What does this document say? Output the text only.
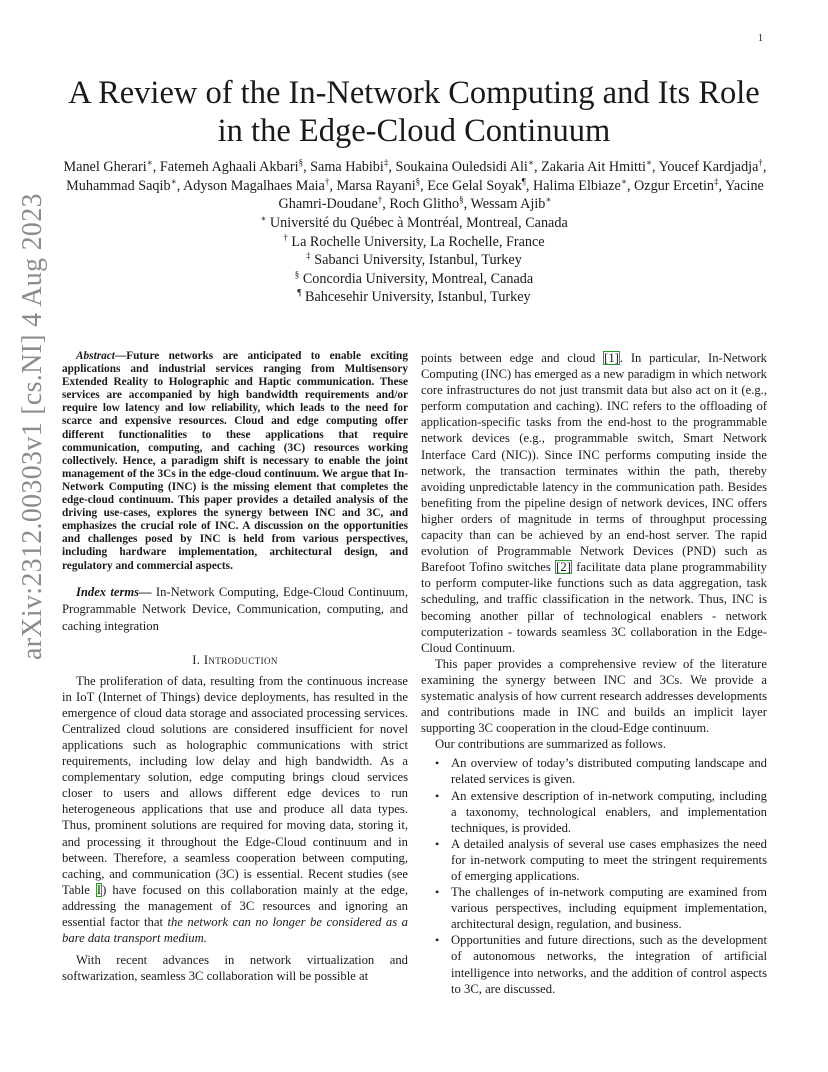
1
arXiv:2312.00303v1 [cs.NI] 4 Aug 2023
A Review of the In-Network Computing and Its Role in the Edge-Cloud Continuum
Manel Gherari∗, Fatemeh Aghaali Akbari§, Sama Habibi‡, Soukaina Ouledsidi Ali∗, Zakaria Ait Hmitti∗, Youcef Kardjadja†, Muhammad Saqib∗, Adyson Magalhaes Maia†, Marsa Rayani§, Ece Gelal Soyak¶, Halima Elbiaze∗, Ozgur Ercetin‡, Yacine Ghamri-Doudane†, Roch Glitho§, Wessam Ajib∗
∗ Université du Québec à Montréal, Montreal, Canada
† La Rochelle University, La Rochelle, France
‡ Sabanci University, Istanbul, Turkey
§ Concordia University, Montreal, Canada
¶ Bahcesehir University, Istanbul, Turkey

Abstract—Future networks are anticipated to enable exciting applications and industrial services ranging from Multisensory Extended Reality to Holographic and Haptic communication. These services are accompanied by high bandwidth requirements and/or require low latency and low reliability, which leads to the need for scarce and expensive resources. Cloud and edge computing offer different functionalities to these applications that require communication, computing, and caching (3C) resources working collectively. Hence, a paradigm shift is necessary to enable the joint management of the 3Cs in the edge-cloud continuum. We argue that In-Network Computing (INC) is the missing element that completes the edge-cloud continuum. This paper provides a detailed analysis of the driving use-cases, explores the synergy between INC and 3C, and emphasizes the crucial role of INC. A discussion on the opportunities and challenges posed by INC is held from various perspectives, including hardware implementation, architectural design, and regulatory and commercial aspects.

Index terms— In-Network Computing, Edge-Cloud Continuum, Programmable Network Device, Communication, computing, and caching integration

I. Introduction

The proliferation of data, resulting from the continuous increase in IoT (Internet of Things) device deployments, has resulted in the emergence of cloud data storage and associated processing services. Centralized cloud solutions are considered insufficient for novel applications such as holographic communications with strict requirements, including low delay and high bandwidth. As a complementary solution, edge computing brings cloud services closer to users and allows different edge devices to run heterogeneous applications that use and produce all data types. Thus, prominent solutions are required for moving data, storing it, and processing it throughout the Edge-Cloud continuum and in between. Therefore, a seamless cooperation between computing, caching, and communication (3C) is essential. Recent studies (see Table I) have focused on this collaboration mainly at the edge, addressing the management of 3C resources and ignoring an essential factor that the network can no longer be considered as a bare data transport medium.

With recent advances in network virtualization and softwarization, seamless 3C collaboration will be possible at

points between edge and cloud [1]. In particular, In-Network Computing (INC) has emerged as a new paradigm in which network core infrastructures do not just transmit data but also act on it (e.g., perform computation and caching). INC refers to the offloading of application-specific tasks from the end-host to the programmable network devices (e.g., programmable switch, Smart Network Interface Card (NIC)). Since INC performs computing inside the network, the transaction terminates within the path, thereby avoiding unpredictable latency in the communication path. Besides benefiting from the pipeline design of network devices, INC offers higher orders of magnitude in terms of throughput processing capacity than can be achieved by an end-host server. The rapid evolution of Programmable Network Devices (PND) such as Barefoot Tofino switches [2] facilitate data plane programmability to perform computer-like functions such as data aggregation, task scheduling, and traffic classification in the network. Thus, INC is becoming another pillar of technological enablers - network computerization - towards seamless 3C collaboration in the Edge-Cloud Continuum.

This paper provides a comprehensive review of the literature examining the synergy between INC and 3Cs. We provide a systematic analysis of how current research addresses developments and contributions made in INC and builds an implicit layer supporting 3C cooperation in the cloud-Edge continuum.

Our contributions are summarized as follows.

• An overview of today’s distributed computing landscape and related services is given.
• An extensive description of in-network computing, including a taxonomy, technological enablers, and implementation techniques, is provided.
• A detailed analysis of several use cases emphasizes the need for in-network computing to meet the stringent requirements of emerging applications.
• The challenges of in-network computing are examined from various perspectives, including equipment implementation, architectural design, regulation, and business.
• Opportunities and future directions, such as the development of autonomous networks, the integration of artificial intelligence into networks, and the addition of control aspects to 3C, are discussed.
